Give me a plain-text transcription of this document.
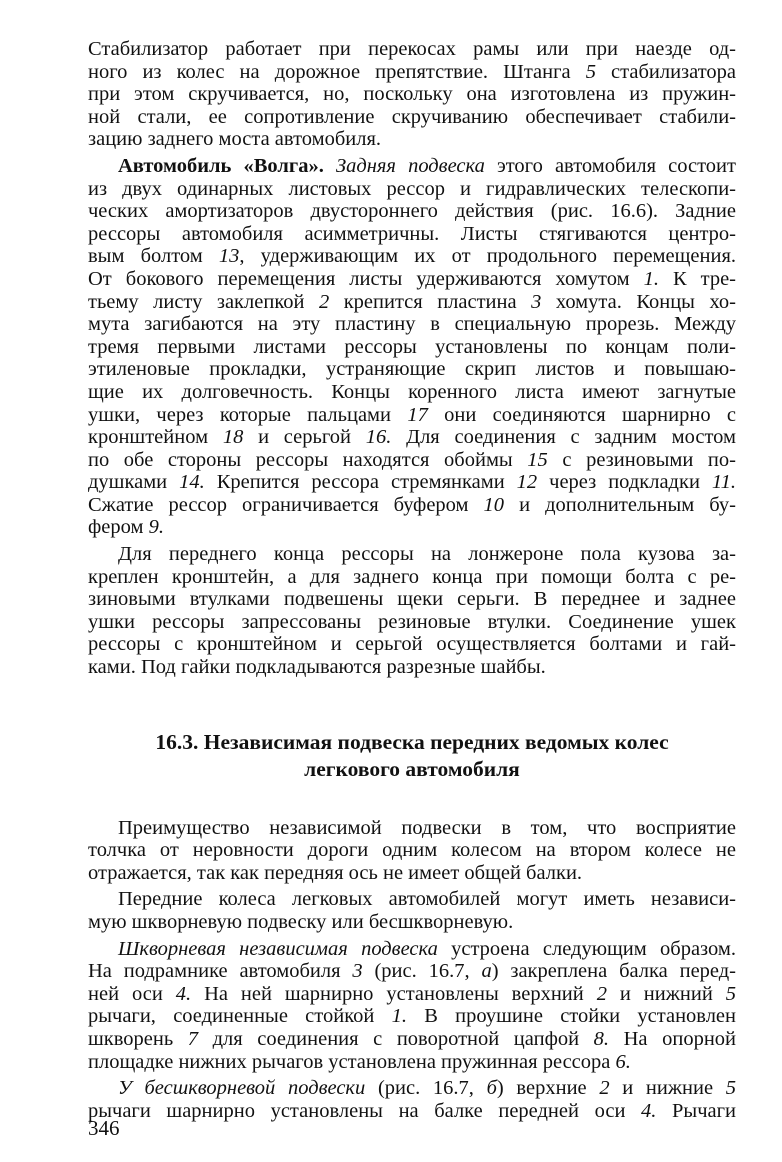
Стабилизатор работает при перекосах рамы или при наезде од-
ного из колес на дорожное препятствие. Штанга 5 стабилизатора
при этом скручивается, но, поскольку она изготовлена из пружин-
ной стали, ее сопротивление скручиванию обеспечивает стабили-
зацию заднего моста автомобиля.
Автомобиль «Волга». Задняя подвеска этого автомобиля состоит
из двух одинарных листовых рессор и гидравлических телескопи-
ческих амортизаторов двустороннего действия (рис. 16.6). Задние
рессоры автомобиля асимметричны. Листы стягиваются центро-
вым болтом 13, удерживающим их от продольного перемещения.
От бокового перемещения листы удерживаются хомутом 1. К тре-
тьему листу заклепкой 2 крепится пластина 3 хомута. Концы хо-
мута загибаются на эту пластину в специальную прорезь. Между
тремя первыми листами рессоры установлены по концам поли-
этиленовые прокладки, устраняющие скрип листов и повышаю-
щие их долговечность. Концы коренного листа имеют загнутые
ушки, через которые пальцами 17 они соединяются шарнирно с
кронштейном 18 и серьгой 16. Для соединения с задним мостом
по обе стороны рессоры находятся обоймы 15 с резиновыми по-
душками 14. Крепится рессора стремянками 12 через подкладки 11.
Сжатие рессор ограничивается буфером 10 и дополнительным бу-
фером 9.
Для переднего конца рессоры на лонжероне пола кузова за-
креплен кронштейн, а для заднего конца при помощи болта с ре-
зиновыми втулками подвешены щеки серьги. В переднее и заднее
ушки рессоры запрессованы резиновые втулки. Соединение ушек
рессоры с кронштейном и серьгой осуществляется болтами и гай-
ками. Под гайки подкладываются разрезные шайбы.
16.3. Независимая подвеска передних ведомых колес
легкового автомобиля
Преимущество независимой подвески в том, что восприятие
толчка от неровности дороги одним колесом на втором колесе не
отражается, так как передняя ось не имеет общей балки.
Передние колеса легковых автомобилей могут иметь независи-
мую шкворневую подвеску или бесшкворневую.
Шкворневая независимая подвеска устроена следующим образом.
На подрамнике автомобиля 3 (рис. 16.7, а) закреплена балка перед-
ней оси 4. На ней шарнирно установлены верхний 2 и нижний 5
рычаги, соединенные стойкой 1. В проушине стойки установлен
шкворень 7 для соединения с поворотной цапфой 8. На опорной
площадке нижних рычагов установлена пружинная рессора 6.
У бесшкворневой подвески (рис. 16.7, б) верхние 2 и нижние 5
рычаги шарнирно установлены на балке передней оси 4. Рычаги
346
